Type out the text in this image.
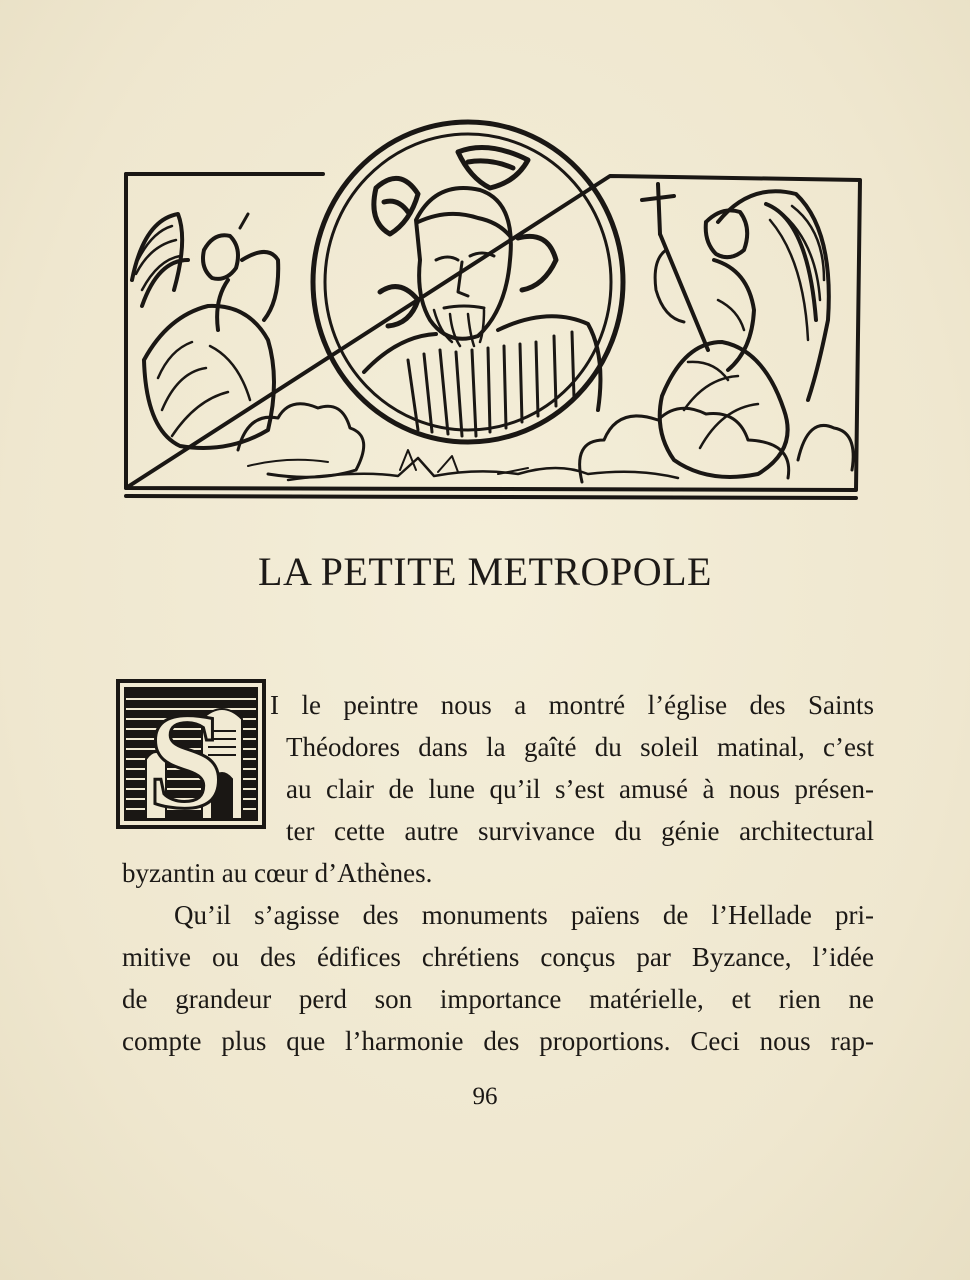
LA PETITE METROPOLE
S I le peintre nous a montré l’église des Saints
Théodores dans la gaîté du soleil matinal, c’est
au clair de lune qu’il s’est amusé à nous présen-
ter cette autre survivance du génie architectural
byzantin au cœur d’Athènes.
Qu’il s’agisse des monuments païens de l’Hellade pri-
mitive ou des édifices chrétiens conçus par Byzance, l’idée
de grandeur perd son importance matérielle, et rien ne
compte plus que l’harmonie des proportions. Ceci nous rap-
96
